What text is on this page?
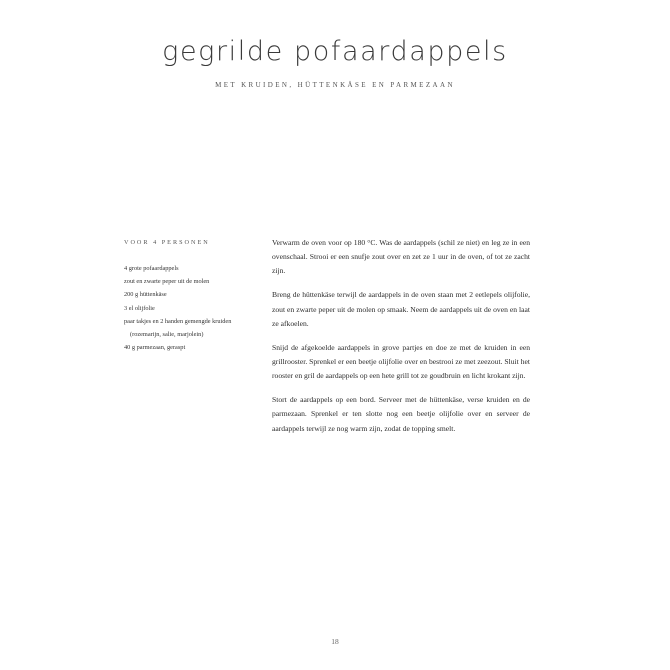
gegrilde pofaardappels
MET KRUIDEN, HÜTTENKÄSE EN PARMEZAAN
VOOR 4 PERSONEN
4 grote pofaardappels
zout en zwarte peper uit de molen
200 g hüttenkäse
3 el olijfolie
paar takjes en 2 handen gemengde kruiden
(rozemarijn, salie, marjolein)
40 g parmezaan, geraspt

Verwarm de oven voor op 180 °C. Was de aardappels (schil ze niet) en leg ze in een ovenschaal. Strooi er een snufje zout over en zet ze 1 uur in de oven, of tot ze zacht zijn.

Breng de hüttenkäse terwijl de aardappels in de oven staan met 2 eetlepels olijfolie, zout en zwarte peper uit de molen op smaak. Neem de aardappels uit de oven en laat ze afkoelen.

Snijd de afgekoelde aardappels in grove partjes en doe ze met de kruiden in een grillrooster. Sprenkel er een beetje olijfolie over en bestrooi ze met zeezout. Sluit het rooster en gril de aardappels op een hete grill tot ze goudbruin en licht krokant zijn.

Stort de aardappels op een bord. Serveer met de hüttenkäse, verse kruiden en de parmezaan. Sprenkel er ten slotte nog een beetje olijfolie over en serveer de aardappels terwijl ze nog warm zijn, zodat de topping smelt.

18
